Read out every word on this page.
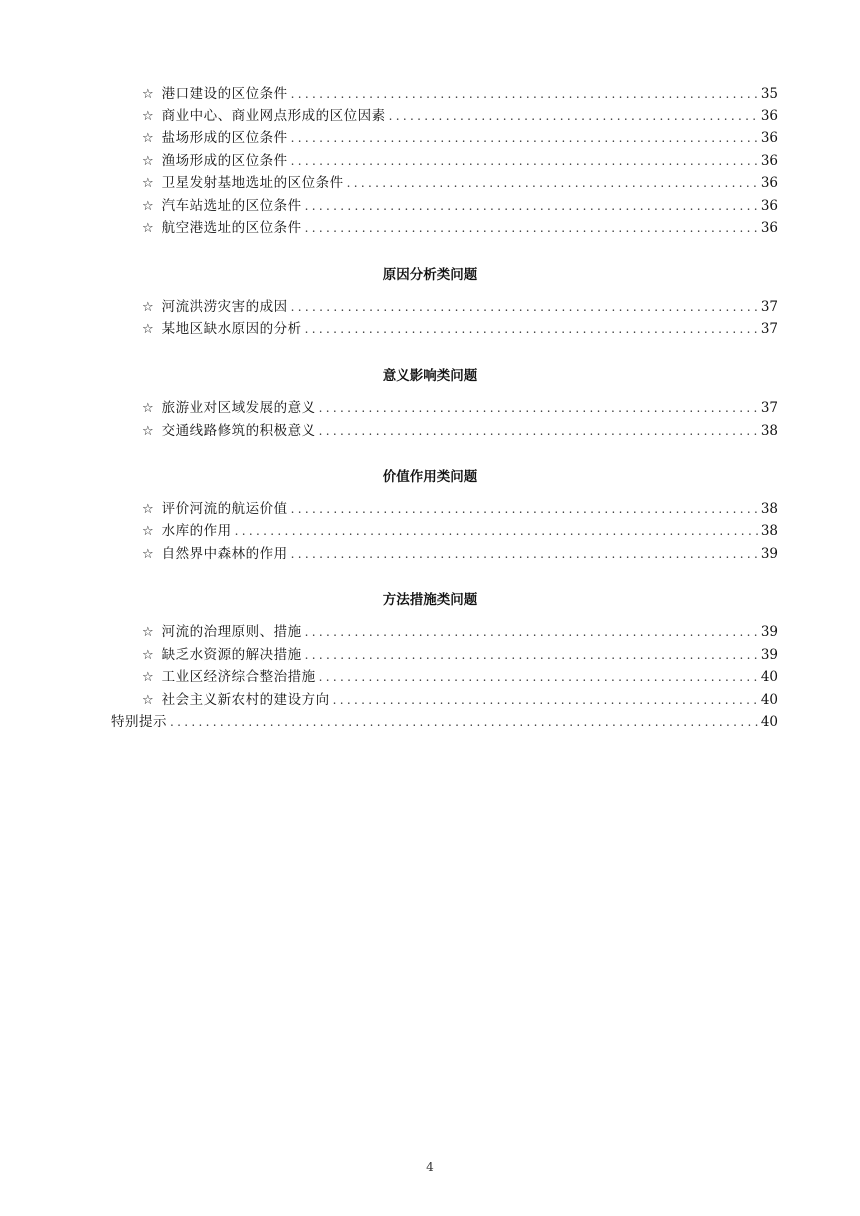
☆ 港口建设的区位条件 . . .	35
☆ 商业中心、商业网点形成的区位因素 . . .	36
☆ 盐场形成的区位条件 . . .	36
☆ 渔场形成的区位条件 . . .	36
☆ 卫星发射基地选址的区位条件 . . .	36
☆ 汽车站选址的区位条件 . . .	36
☆ 航空港选址的区位条件 . . .	36
原因分析类问题
☆ 河流洪涝灾害的成因 . . .	37
☆ 某地区缺水原因的分析 . . .	37
意义影响类问题
☆ 旅游业对区域发展的意义 . . .	37
☆ 交通线路修筑的积极意义 . . .	38
价值作用类问题
☆ 评价河流的航运价值 . . .	38
☆ 水库的作用 . . .	38
☆ 自然界中森林的作用 . . .	39
方法措施类问题
☆ 河流的治理原则、措施 . . .	39
☆ 缺乏水资源的解决措施 . . .	39
☆ 工业区经济综合整治措施 . . .	40
☆ 社会主义新农村的建设方向 . . .	40
特别提示 . . .	40
4
